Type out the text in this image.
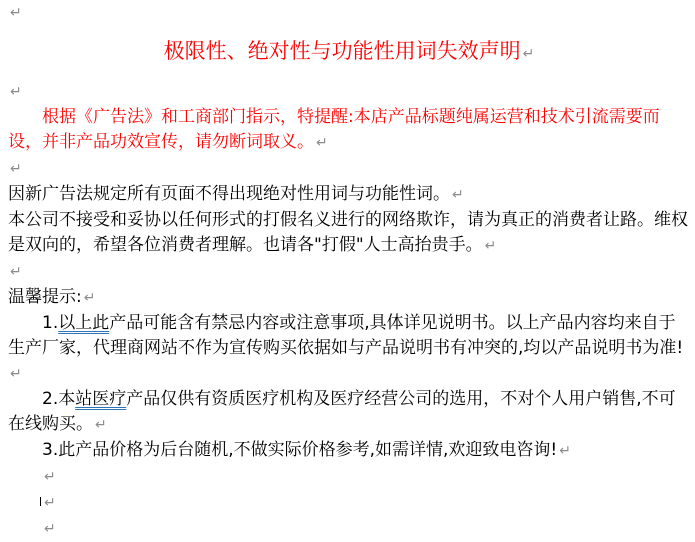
↵
极限性、绝对性与功能性用词失效声明 ↵
↵
根据《广告法》和工商部门指示，特提醒:本店产品标题纯属运营和技术引流需要而设，并非产品功效宣传，请勿断词取义。 ↵
↵
因新广告法规定所有页面不得出现绝对性用词与功能性词。 ↵
本公司不接受和妥协以任何形式的打假名义进行的网络欺诈，请为真正的消费者让路。维权是双向的，希望各位消费者理解。也请各"打假"人士高抬贵手。 ↵
↵
温馨提示: ↵
1.以上此产品可能含有禁忌内容或注意事项,具体详见说明书。以上产品内容均来自于生产厂家，代理商网站不作为宣传购买依据如与产品说明书有冲突的,均以产品说明书为准!↵
2.本站医疗产品仅供有资质医疗机构及医疗经营公司的选用，不对个人用户销售,不可在线购买。 ↵
3.此产品价格为后台随机,不做实际价格参考,如需详情,欢迎致电咨询! ↵
↵
↵
↵
